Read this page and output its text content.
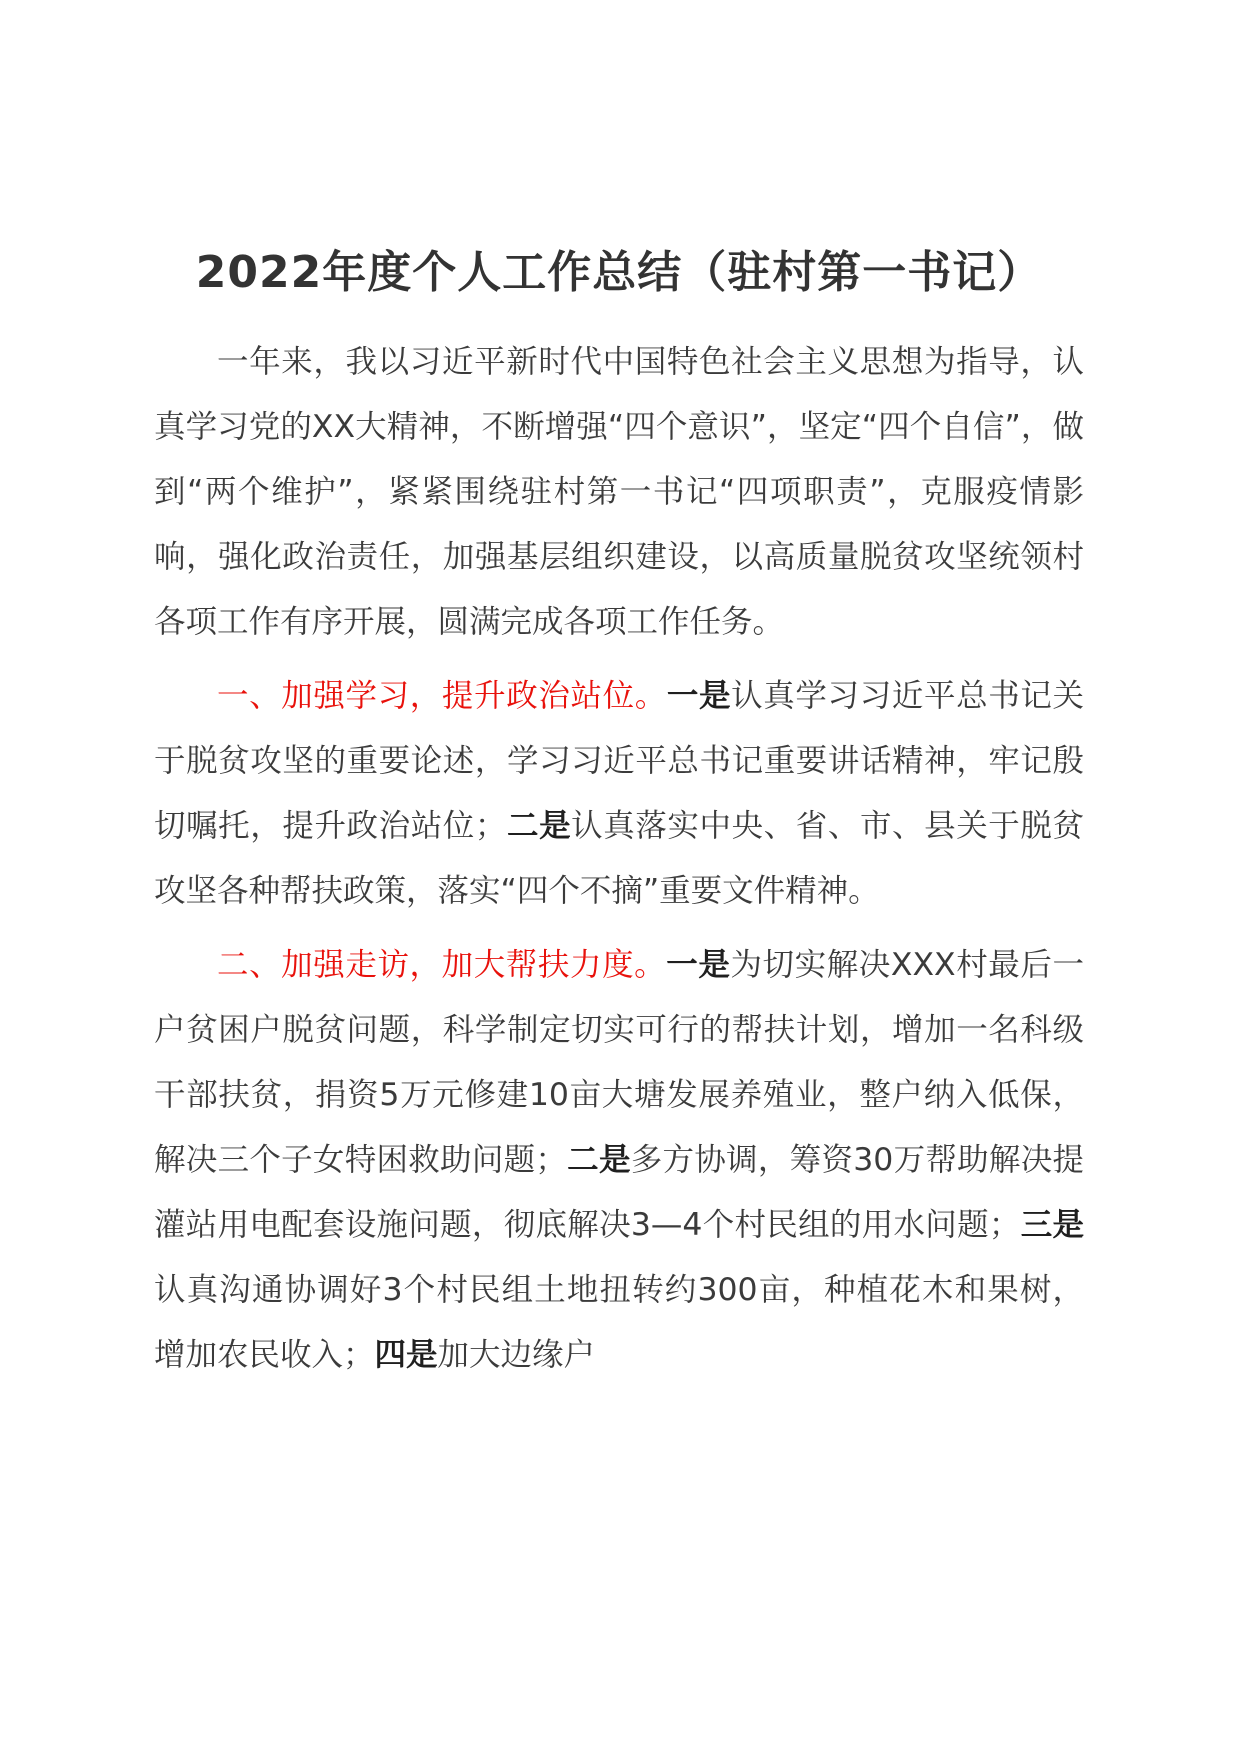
2022年度个人工作总结（驻村第一书记）

一年来，我以习近平新时代中国特色社会主义思想为指导，认真学习党的XX大精神，不断增强“四个意识”，坚定“四个自信”，做到“两个维护”，紧紧围绕驻村第一书记“四项职责”，克服疫情影响，强化政治责任，加强基层组织建设，以高质量脱贫攻坚统领村各项工作有序开展，圆满完成各项工作任务。

一、加强学习，提升政治站位。一是认真学习习近平总书记关于脱贫攻坚的重要论述，学习习近平总书记重要讲话精神，牢记殷切嘱托，提升政治站位；二是认真落实中央、省、市、县关于脱贫攻坚各种帮扶政策，落实“四个不摘”重要文件精神。

二、加强走访，加大帮扶力度。一是为切实解决XXX村最后一户贫困户脱贫问题，科学制定切实可行的帮扶计划，增加一名科级干部扶贫，捐资5万元修建10亩大塘发展养殖业，整户纳入低保，解决三个子女特困救助问题；二是多方协调，筹资30万帮助解决提灌站用电配套设施问题，彻底解决3—4个村民组的用水问题；三是认真沟通协调好3个村民组土地扭转约300亩，种植花木和果树，增加农民收入；四是加大边缘户
